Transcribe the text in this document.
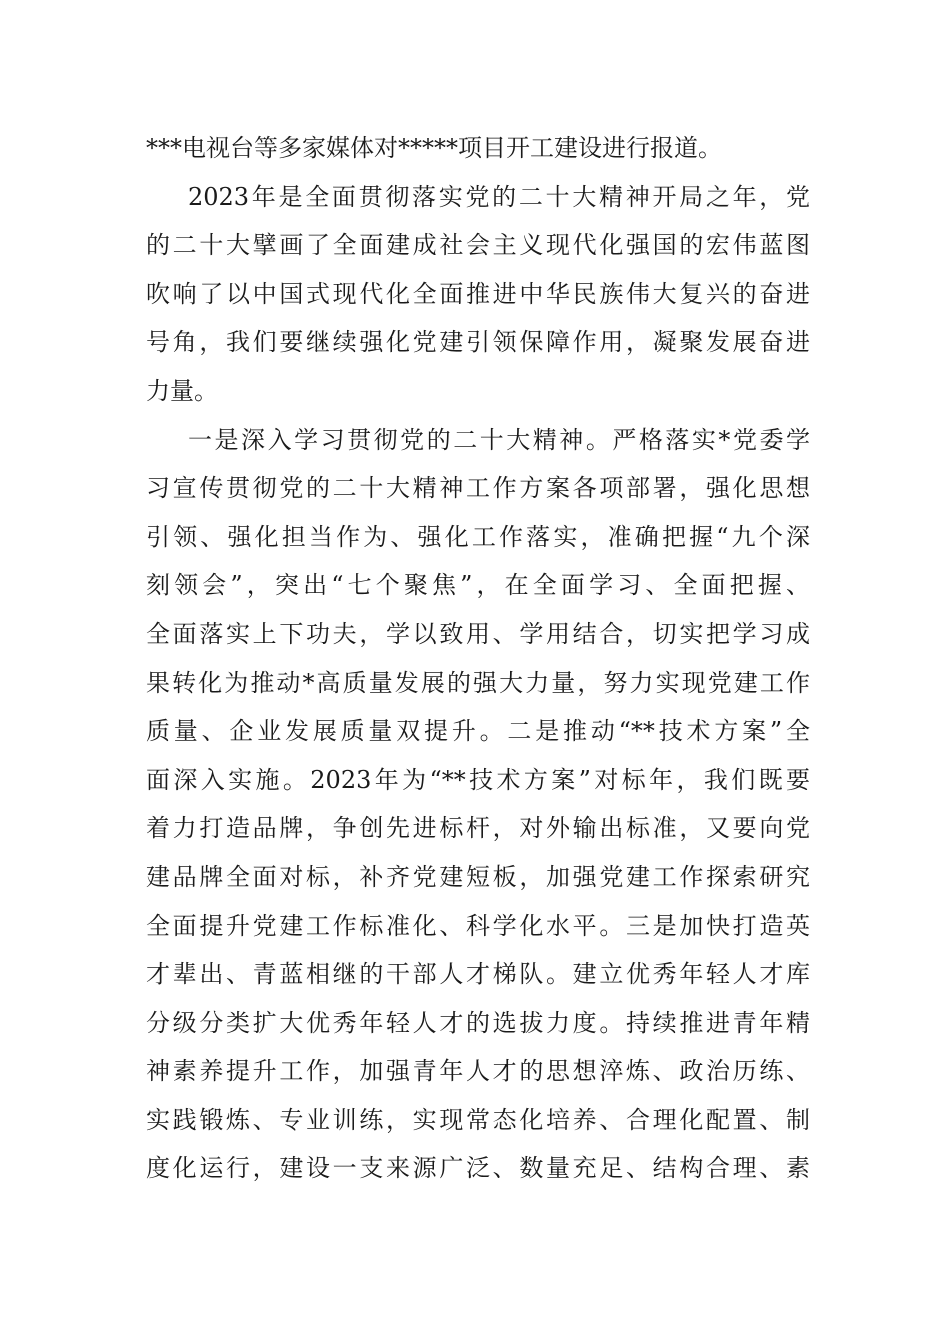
***电视台等多家媒体对*****项目开工建设进行报道。
2023年是全面贯彻落实党的二十大精神开局之年，党
的二十大擘画了全面建成社会主义现代化强国的宏伟蓝图
吹响了以中国式现代化全面推进中华民族伟大复兴的奋进
号角，我们要继续强化党建引领保障作用，凝聚发展奋进
力量。
一是深入学习贯彻党的二十大精神。严格落实*党委学
习宣传贯彻党的二十大精神工作方案各项部署，强化思想
引领、强化担当作为、强化工作落实，准确把握“九个深
刻领会”，突出“七个聚焦”，在全面学习、全面把握、
全面落实上下功夫，学以致用、学用结合，切实把学习成
果转化为推动*高质量发展的强大力量，努力实现党建工作
质量、企业发展质量双提升。二是推动“**技术方案”全
面深入实施。2023年为“**技术方案”对标年，我们既要
着力打造品牌，争创先进标杆，对外输出标准，又要向党
建品牌全面对标，补齐党建短板，加强党建工作探索研究
全面提升党建工作标准化、科学化水平。三是加快打造英
才辈出、青蓝相继的干部人才梯队。建立优秀年轻人才库
分级分类扩大优秀年轻人才的选拔力度。持续推进青年精
神素养提升工作，加强青年人才的思想淬炼、政治历练、
实践锻炼、专业训练，实现常态化培养、合理化配置、制
度化运行，建设一支来源广泛、数量充足、结构合理、素
